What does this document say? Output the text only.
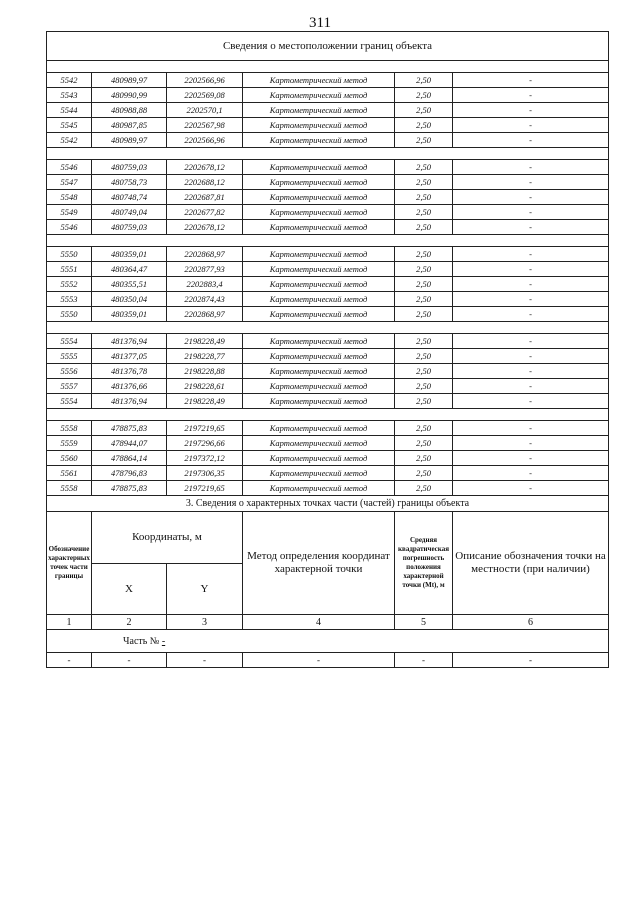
311
Сведения о местоположении границ объекта					

5542	480989,97	2202566,96	Картометрический метод	2,50	-
5543	480990,99	2202569,08	Картометрический метод	2,50	-
5544	480988,88	2202570,1	Картометрический метод	2,50	-
5545	480987,85	2202567,98	Картометрический метод	2,50	-
5542	480989,97	2202566,96	Картометрический метод	2,50	-

5546	480759,03	2202678,12	Картометрический метод	2,50	-
5547	480758,73	2202688,12	Картометрический метод	2,50	-
5548	480748,74	2202687,81	Картометрический метод	2,50	-
5549	480749,04	2202677,82	Картометрический метод	2,50	-
5546	480759,03	2202678,12	Картометрический метод	2,50	-

5550	480359,01	2202868,97	Картометрический метод	2,50	-
5551	480364,47	2202877,93	Картометрический метод	2,50	-
5552	480355,51	2202883,4	Картометрический метод	2,50	-
5553	480350,04	2202874,43	Картометрический метод	2,50	-
5550	480359,01	2202868,97	Картометрический метод	2,50	-

5554	481376,94	2198228,49	Картометрический метод	2,50	-
5555	481377,05	2198228,77	Картометрический метод	2,50	-
5556	481376,78	2198228,88	Картометрический метод	2,50	-
5557	481376,66	2198228,61	Картометрический метод	2,50	-
5554	481376,94	2198228,49	Картометрический метод	2,50	-

5558	478875,83	2197219,65	Картометрический метод	2,50	-
5559	478944,07	2197296,66	Картометрический метод	2,50	-
5560	478864,14	2197372,12	Картометрический метод	2,50	-
5561	478796,83	2197306,35	Картометрический метод	2,50	-
5558	478875,83	2197219,65	Картометрический метод	2,50	-
3. Сведения о характерных точках части (частей) границы объекта					
Обозначение характерных точек части границы	Координаты, м		Метод определения координат характерной точки	Средняя квадратическая погрешность положения характерной точки (Mt), м	Описание обозначения точки на местности (при наличии)
	X	Y			
1	2	3	4	5	6
Часть № -					
-	-	-	-	-	-
